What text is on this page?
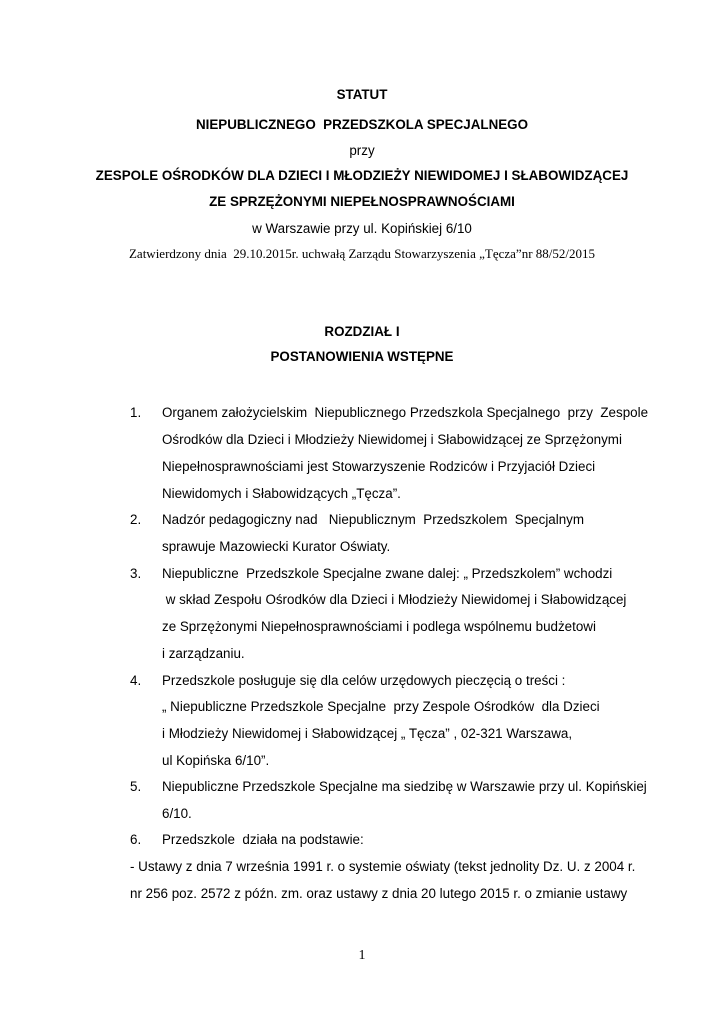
STATUT
NIEPUBLICZNEGO  PRZEDSZKOLA SPECJALNEGO
przy
ZESPOLE OŚRODKÓW DLA DZIECI I MŁODZIEŻY NIEWIDOMEJ I SŁABOWIDZĄCEJ
ZE SPRZĘŻONYMI NIEPEŁNOSPRAWNOŚCIAMI
w Warszawie przy ul. Kopińskiej 6/10
Zatwierdzony dnia  29.10.2015r. uchwałą Zarządu Stowarzyszenia „Tęcza”nr 88/52/2015
ROZDZIAŁ I
POSTANOWIENIA WSTĘPNE
1. Organem założycielskim  Niepublicznego Przedszkola Specjalnego  przy  Zespole
Ośrodków dla Dzieci i Młodzieży Niewidomej i Słabowidzącej ze Sprzężonymi
Niepełnosprawnościami jest Stowarzyszenie Rodziców i Przyjaciół Dzieci
Niewidomych i Słabowidzących „Tęcza”.
2. Nadzór pedagogiczny nad   Niepublicznym  Przedszkolem  Specjalnym
sprawuje Mazowiecki Kurator Oświaty.
3. Niepubliczne  Przedszkole Specjalne zwane dalej: „ Przedszkolem” wchodzi
w skład Zespołu Ośrodków dla Dzieci i Młodzieży Niewidomej i Słabowidzącej
ze Sprzężonymi Niepełnosprawnościami i podlega wspólnemu budżetowi
i zarządzaniu.
4. Przedszkole posługuje się dla celów urzędowych pieczęcią o treści :
„ Niepubliczne Przedszkole Specjalne  przy Zespole Ośrodków  dla Dzieci
i Młodzieży Niewidomej i Słabowidzącej „ Tęcza” , 02-321 Warszawa,
ul Kopińska 6/10”.
5. Niepubliczne Przedszkole Specjalne ma siedzibę w Warszawie przy ul. Kopińskiej
6/10.
6. Przedszkole  działa na podstawie:
- Ustawy z dnia 7 września 1991 r. o systemie oświaty (tekst jednolity Dz. U. z 2004 r.
nr 256 poz. 2572 z późn. zm. oraz ustawy z dnia 20 lutego 2015 r. o zmianie ustawy
1
